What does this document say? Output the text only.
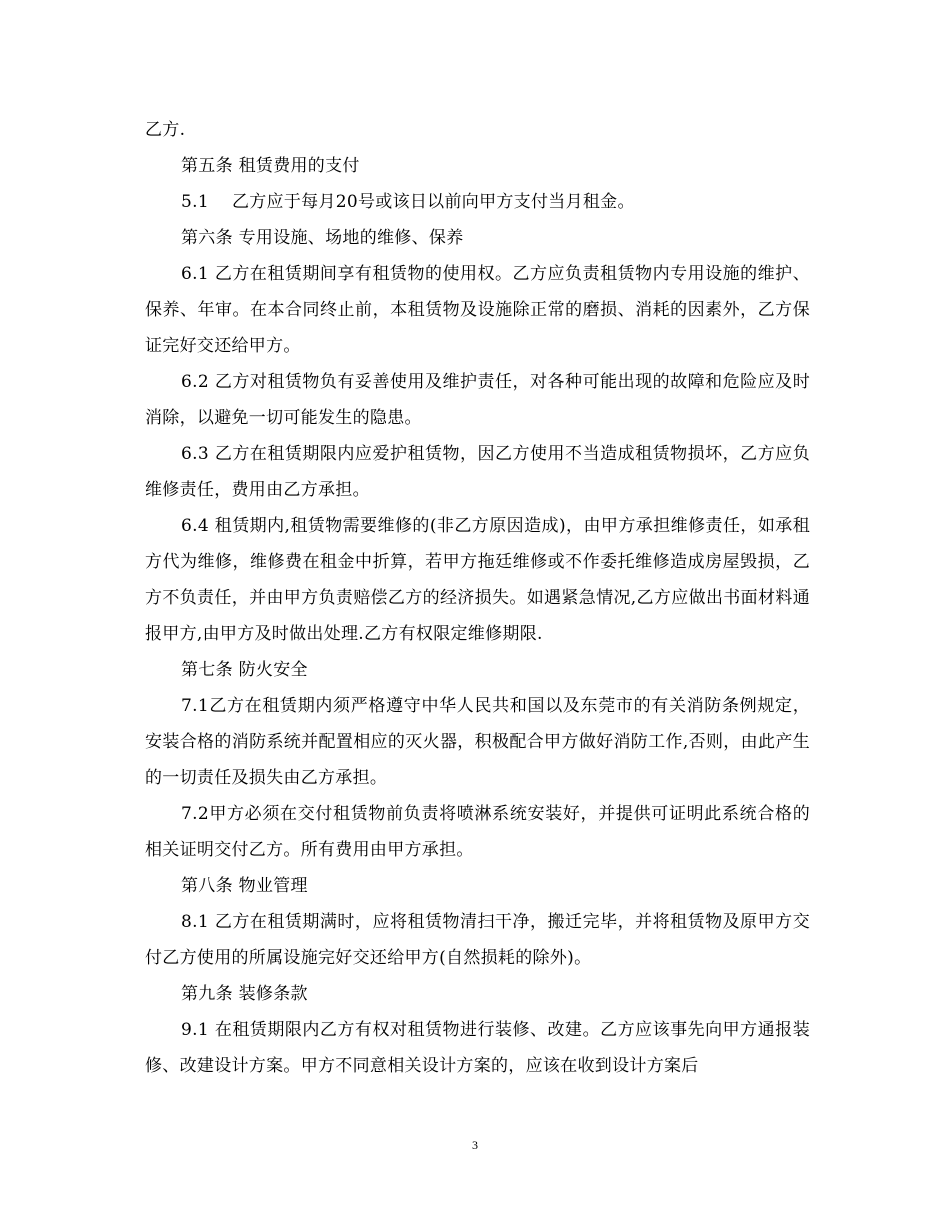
乙方.

第五条 租赁费用的支付

5.1　 乙方应于每月20号或该日以前向甲方支付当月租金。

第六条 专用设施、场地的维修、保养

6.1 乙方在租赁期间享有租赁物的使用权。乙方应负责租赁物内专用设施的维护、保养、年审。在本合同终止前，本租赁物及设施除正常的磨损、消耗的因素外，乙方保证完好交还给甲方。

6.2 乙方对租赁物负有妥善使用及维护责任，对各种可能出现的故障和危险应及时消除，以避免一切可能发生的隐患。

6.3 乙方在租赁期限内应爱护租赁物，因乙方使用不当造成租赁物损坏，乙方应负维修责任，费用由乙方承担。

6.4 租赁期内,租赁物需要维修的(非乙方原因造成)，由甲方承担维修责任，如承租方代为维修，维修费在租金中折算，若甲方拖廷维修或不作委托维修造成房屋毁损，乙方不负责任，并由甲方负责赔偿乙方的经济损失。如遇紧急情况,乙方应做出书面材料通报甲方,由甲方及时做出处理.乙方有权限定维修期限.

第七条 防火安全

7.1乙方在租赁期内须严格遵守中华人民共和国以及东莞市的有关消防条例规定，安装合格的消防系统并配置相应的灭火器，积极配合甲方做好消防工作,否则，由此产生的一切责任及损失由乙方承担。

7.2甲方必须在交付租赁物前负责将喷淋系统安装好，并提供可证明此系统合格的相关证明交付乙方。所有费用由甲方承担。

第八条 物业管理

8.1 乙方在租赁期满时，应将租赁物清扫干净，搬迁完毕，并将租赁物及原甲方交付乙方使用的所属设施完好交还给甲方(自然损耗的除外)。

第九条 装修条款

9.1 在租赁期限内乙方有权对租赁物进行装修、改建。乙方应该事先向甲方通报装修、改建设计方案。甲方不同意相关设计方案的，应该在收到设计方案后

3
